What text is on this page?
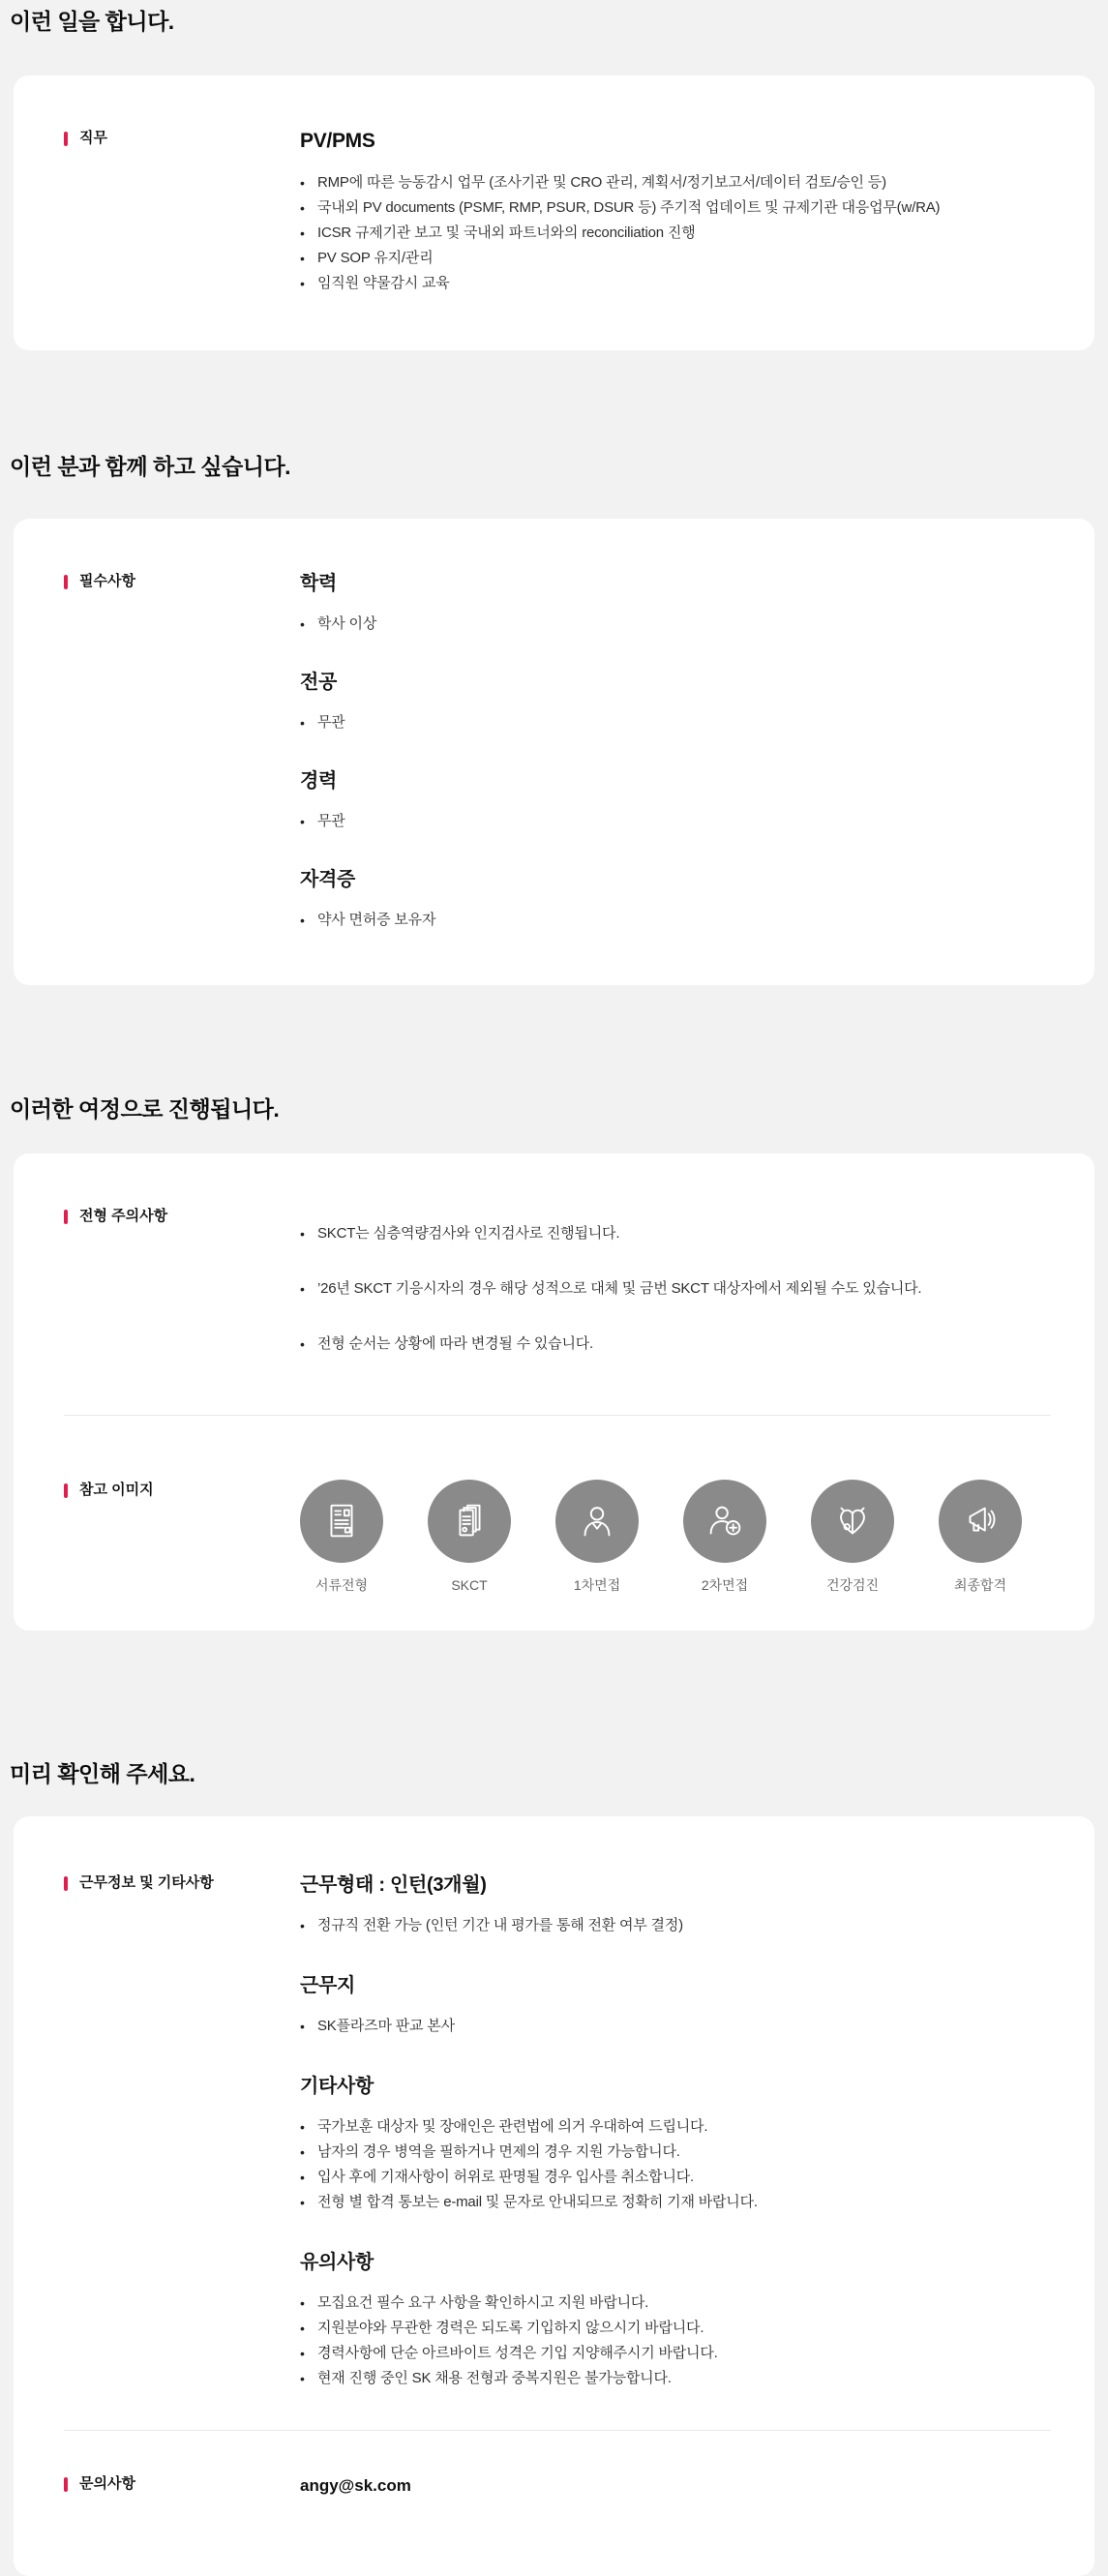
이런 일을 합니다.
직무	PV/PMS
• RMP에 따른 능동감시 업무 (조사기관 및 CRO 관리, 계획서/정기보고서/데이터 검토/승인 등)
• 국내외 PV documents (PSMF, RMP, PSUR, DSUR 등) 주기적 업데이트 및 규제기관 대응업무(w/RA)
• ICSR 규제기관 보고 및 국내외 파트너와의 reconciliation 진행
• PV SOP 유지/관리
• 임직원 약물감시 교육
이런 분과 함께 하고 싶습니다.
필수사항	학력
• 학사 이상
전공
• 무관
경력
• 무관
자격증
• 약사 면허증 보유자
이러한 여정으로 진행됩니다.
전형 주의사항
• SKCT는 심층역량검사와 인지검사로 진행됩니다.
• ’26년 SKCT 기응시자의 경우 해당 성적으로 대체 및 금번 SKCT 대상자에서 제외될 수도 있습니다.
• 전형 순서는 상황에 따라 변경될 수 있습니다.
참고 이미지
서류전형	SKCT	1차면접	2차면접	건강검진	최종합격
미리 확인해 주세요.
근무정보 및 기타사항	근무형태 : 인턴(3개월)
• 정규직 전환 가능 (인턴 기간 내 평가를 통해 전환 여부 결정)
근무지
• SK플라즈마 판교 본사
기타사항
• 국가보훈 대상자 및 장애인은 관련법에 의거 우대하여 드립니다.
• 남자의 경우 병역을 필하거나 면제의 경우 지원 가능합니다.
• 입사 후에 기재사항이 허위로 판명될 경우 입사를 취소합니다.
• 전형 별 합격 통보는 e-mail 및 문자로 안내되므로 정확히 기재 바랍니다.
유의사항
• 모집요건 필수 요구 사항을 확인하시고 지원 바랍니다.
• 지원분야와 무관한 경력은 되도록 기입하지 않으시기 바랍니다.
• 경력사항에 단순 아르바이트 성격은 기입 지양해주시기 바랍니다.
• 현재 진행 중인 SK 채용 전형과 중복지원은 불가능합니다.
문의사항	angy@sk.com
